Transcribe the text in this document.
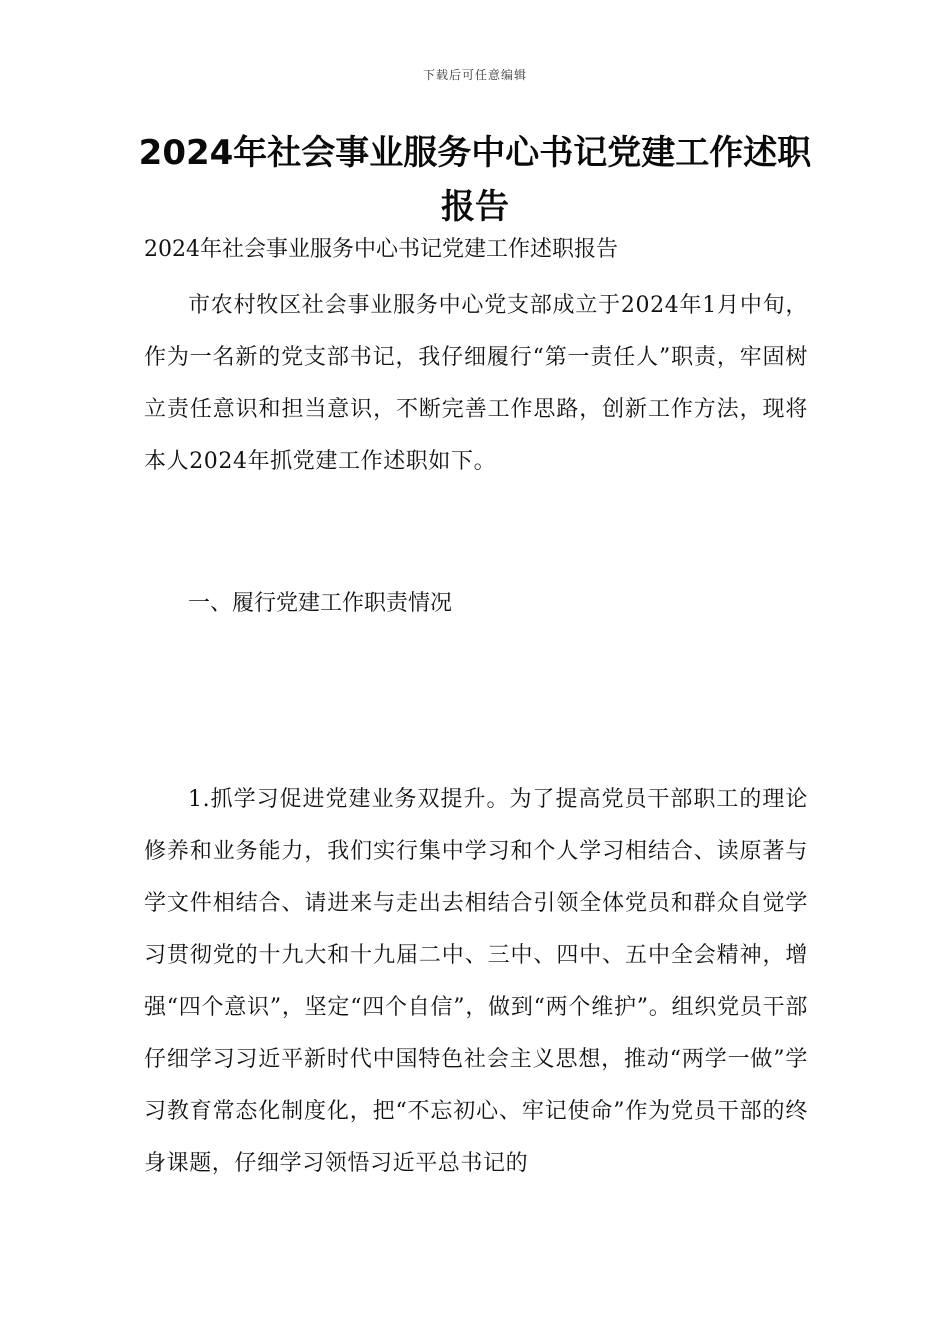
下载后可任意编辑
2024年社会事业服务中心书记党建工作述职报告

2024年社会事业服务中心书记党建工作述职报告

市农村牧区社会事业服务中心党支部成立于2024年1月中旬，作为一名新的党支部书记，我仔细履行“第一责任人”职责，牢固树立责任意识和担当意识，不断完善工作思路，创新工作方法，现将本人2024年抓党建工作述职如下。

一、履行党建工作职责情况

1.抓学习促进党建业务双提升。为了提高党员干部职工的理论修养和业务能力，我们实行集中学习和个人学习相结合、读原著与学文件相结合、请进来与走出去相结合引领全体党员和群众自觉学习贯彻党的十九大和十九届二中、三中、四中、五中全会精神，增强“四个意识”，坚定“四个自信”，做到“两个维护”。组织党员干部仔细学习习近平新时代中国特色社会主义思想，推动“两学一做”学习教育常态化制度化，把“不忘初心、牢记使命”作为党员干部的终身课题，仔细学习领悟习近平总书记的
